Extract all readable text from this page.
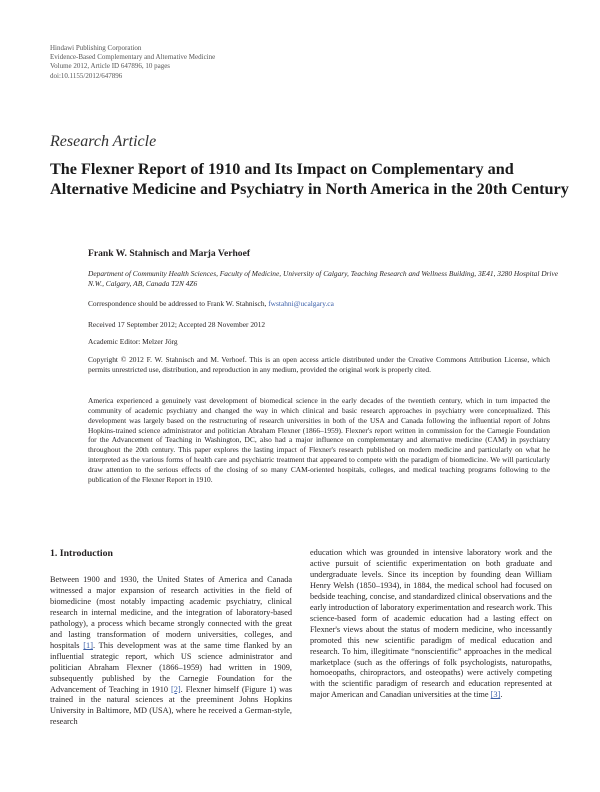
Hindawi Publishing Corporation
Evidence-Based Complementary and Alternative Medicine
Volume 2012, Article ID 647896, 10 pages
doi:10.1155/2012/647896
Research Article
The Flexner Report of 1910 and Its Impact on Complementary and Alternative Medicine and Psychiatry in North America in the 20th Century
Frank W. Stahnisch and Marja Verhoef
Department of Community Health Sciences, Faculty of Medicine, University of Calgary, Teaching Research and Wellness Building, 3E41, 3280 Hospital Drive N.W., Calgary, AB, Canada T2N 4Z6
Correspondence should be addressed to Frank W. Stahnisch, fwstahni@ucalgary.ca
Received 17 September 2012; Accepted 28 November 2012
Academic Editor: Melzer Jörg
Copyright © 2012 F. W. Stahnisch and M. Verhoef. This is an open access article distributed under the Creative Commons Attribution License, which permits unrestricted use, distribution, and reproduction in any medium, provided the original work is properly cited.
America experienced a genuinely vast development of biomedical science in the early decades of the twentieth century, which in turn impacted the community of academic psychiatry and changed the way in which clinical and basic research approaches in psychiatry were conceptualized. This development was largely based on the restructuring of research universities in both of the USA and Canada following the influential report of Johns Hopkins-trained science administrator and politician Abraham Flexner (1866–1959). Flexner's report written in commission for the Carnegie Foundation for the Advancement of Teaching in Washington, DC, also had a major influence on complementary and alternative medicine (CAM) in psychiatry throughout the 20th century. This paper explores the lasting impact of Flexner's research published on modern medicine and particularly on what he interpreted as the various forms of health care and psychiatric treatment that appeared to compete with the paradigm of biomedicine. We will particularly draw attention to the serious effects of the closing of so many CAM-oriented hospitals, colleges, and medical teaching programs following to the publication of the Flexner Report in 1910.
1. Introduction
Between 1900 and 1930, the United States of America and Canada witnessed a major expansion of research activities in the field of biomedicine (most notably impacting academic psychiatry, clinical research in internal medicine, and the integration of laboratory-based pathology), a process which became strongly connected with the great and lasting transformation of modern universities, colleges, and hospitals [1]. This development was at the same time flanked by an influential strategic report, which US science administrator and politician Abraham Flexner (1866–1959) had written in 1909, subsequently published by the Carnegie Foundation for the Advancement of Teaching in 1910 [2]. Flexner himself (Figure 1) was trained in the natural sciences at the preeminent Johns Hopkins University in Baltimore, MD (USA), where he received a German-style, research
education which was grounded in intensive laboratory work and the active pursuit of scientific experimentation on both graduate and undergraduate levels. Since its inception by founding dean William Henry Welsh (1850–1934), in 1884, the medical school had focused on bedside teaching, concise, and standardized clinical observations and the early introduction of laboratory experimentation and research work. This science-based form of academic education had a lasting effect on Flexner's views about the status of modern medicine, who incessantly promoted this new scientific paradigm of medical education and research. To him, illegitimate “nonscientific” approaches in the medical marketplace (such as the offerings of folk psychologists, naturopaths, homoeopaths, chiropractors, and osteopaths) were actively competing with the scientific paradigm of research and education represented at major American and Canadian universities at the time [3].
